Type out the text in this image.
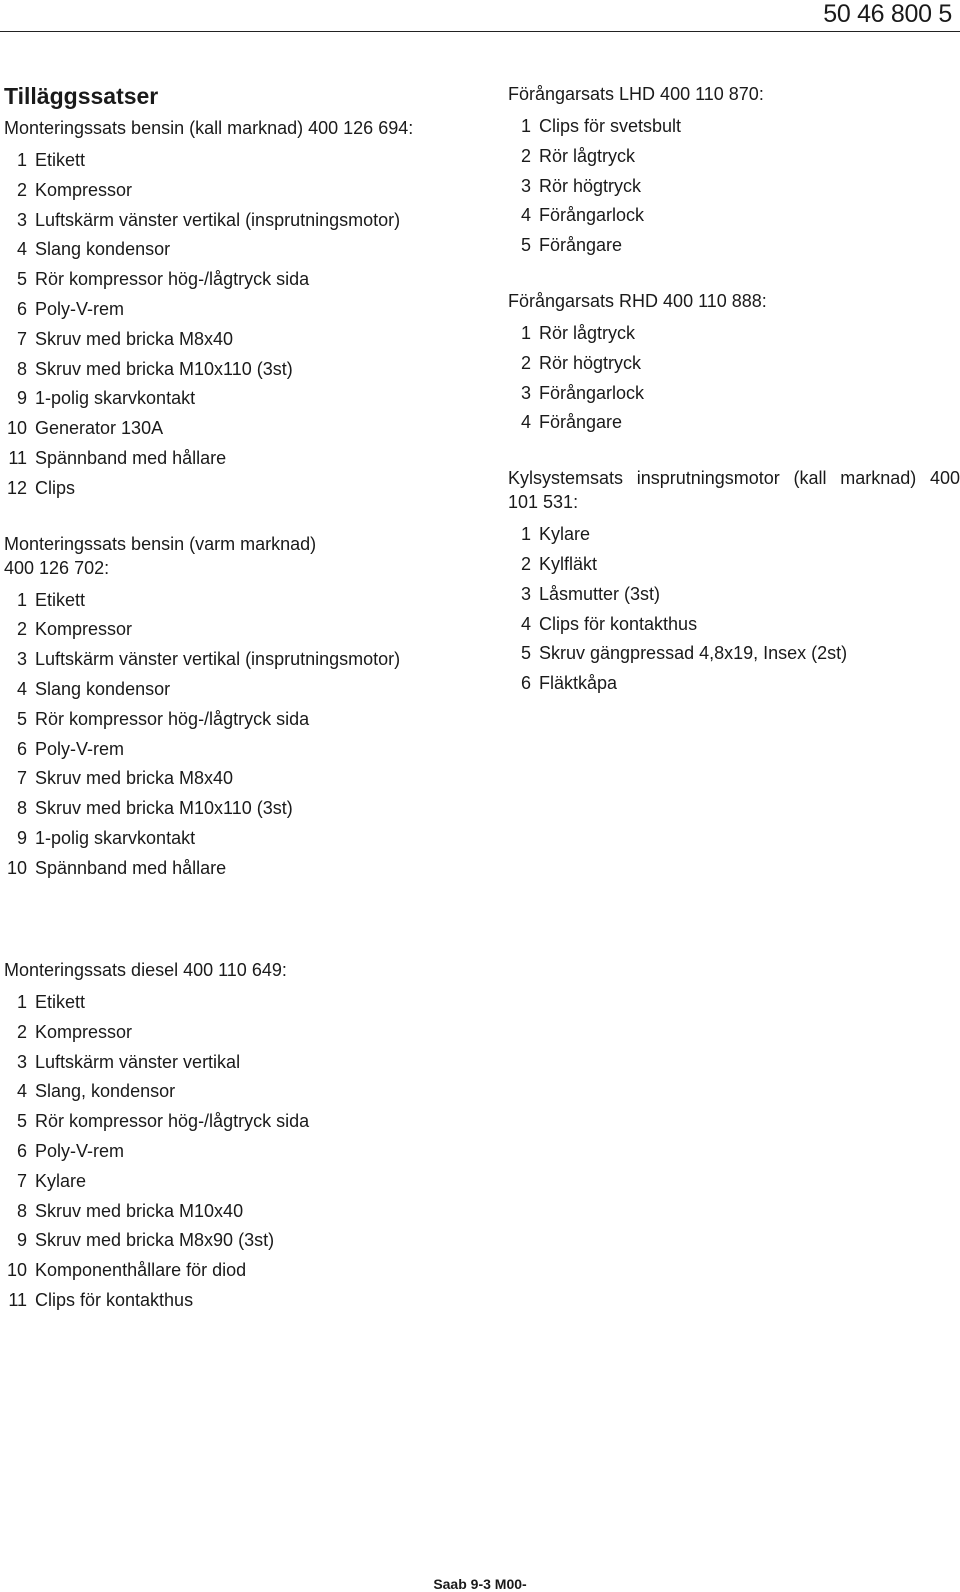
50 46 800 5
Tilläggssatser
Monteringssats bensin (kall marknad) 400 126 694:
1 Etikett
2 Kompressor
3 Luftskärm vänster vertikal (insprutningsmotor)
4 Slang kondensor
5 Rör kompressor hög-/lågtryck sida
6 Poly-V-rem
7 Skruv med bricka M8x40
8 Skruv med bricka M10x110 (3st)
9 1-polig skarvkontakt
10 Generator 130A
11 Spännband med hållare
12 Clips
Monteringssats bensin (varm marknad) 400 126 702:
1 Etikett
2 Kompressor
3 Luftskärm vänster vertikal (insprutningsmotor)
4 Slang kondensor
5 Rör kompressor hög-/lågtryck sida
6 Poly-V-rem
7 Skruv med bricka M8x40
8 Skruv med bricka M10x110 (3st)
9 1-polig skarvkontakt
10 Spännband med hållare
Monteringssats diesel 400 110 649:
1 Etikett
2 Kompressor
3 Luftskärm vänster vertikal
4 Slang, kondensor
5 Rör kompressor hög-/lågtryck sida
6 Poly-V-rem
7 Kylare
8 Skruv med bricka M10x40
9 Skruv med bricka M8x90 (3st)
10 Komponenthållare för diod
11 Clips för kontakthus
Förångarsats LHD 400 110 870:
1 Clips för svetsbult
2 Rör lågtryck
3 Rör högtryck
4 Förångarlock
5 Förångare
Förångarsats RHD 400 110 888:
1 Rör lågtryck
2 Rör högtryck
3 Förångarlock
4 Förångare
Kylsystemsats insprutningsmotor (kall marknad) 400 101 531:
1 Kylare
2 Kylfläkt
3 Låsmutter (3st)
4 Clips för kontakthus
5 Skruv gängpressad 4,8x19, Insex (2st)
6 Fläktkåpa
Saab 9-3 M00-
